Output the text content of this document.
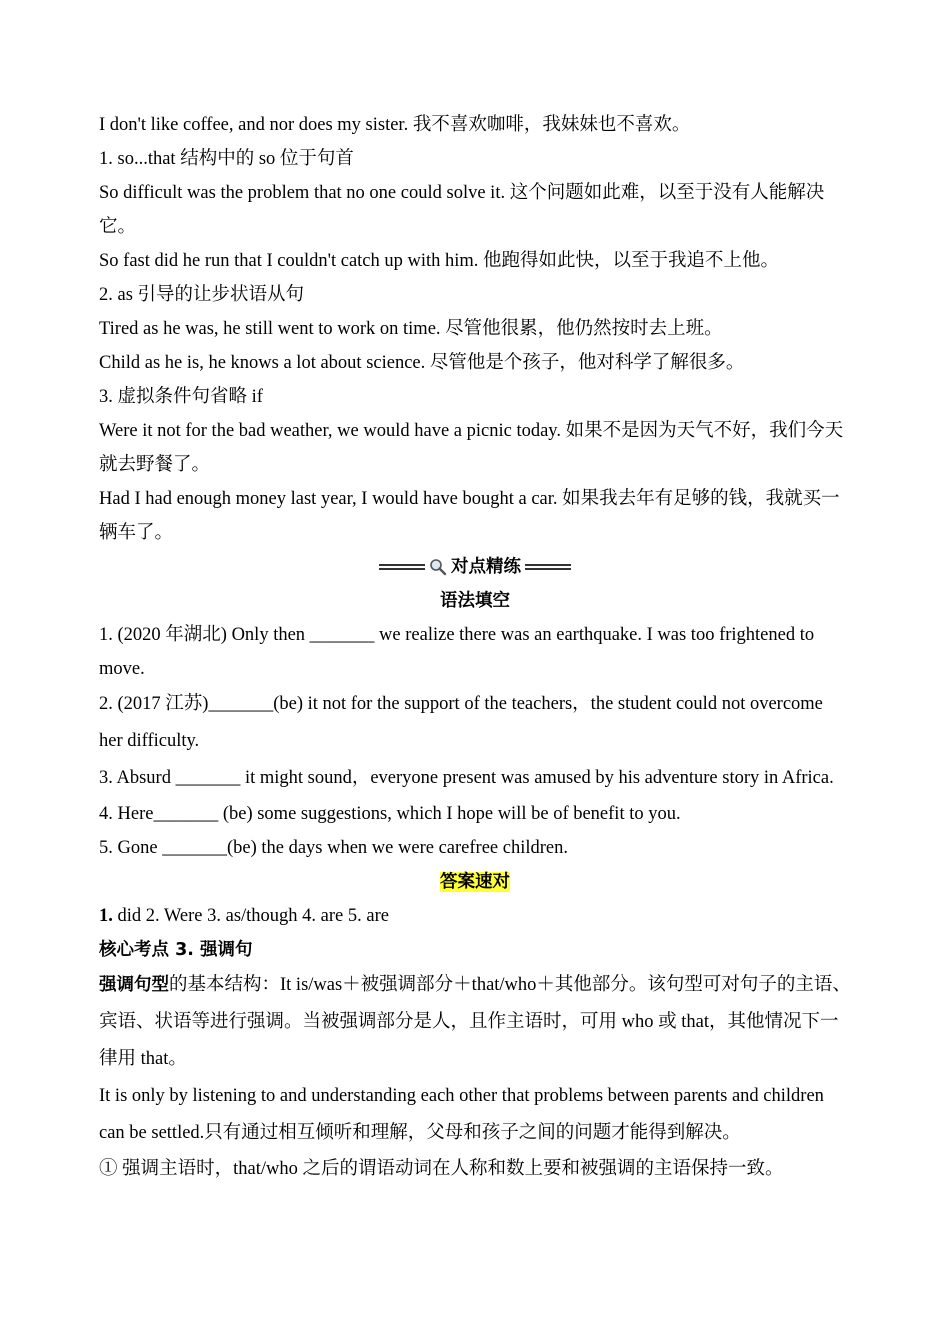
I don't like coffee, and nor does my sister. 我不喜欢咖啡，我妹妹也不喜欢。

1. so...that 结构中的 so 位于句首

So difficult was the problem that no one could solve it. 这个问题如此难，以至于没有人能解决它。

So fast did he run that I couldn't catch up with him. 他跑得如此快，以至于我追不上他。

2. as 引导的让步状语从句

Tired as he was, he still went to work on time. 尽管他很累，他仍然按时去上班。

Child as he is, he knows a lot about science. 尽管他是个孩子，他对科学了解很多。

3. 虚拟条件句省略 if

Were it not for the bad weather, we would have a picnic today. 如果不是因为天气不好，我们今天就去野餐了。

Had I had enough money last year, I would have bought a car. 如果我去年有足够的钱，我就买一辆车了。

对点精练

语法填空

1. (2020 年湖北) Only then _______ we realize there was an earthquake. I was too frightened to move.

2. (2017 江苏)_______(be) it not for the support of the teachers，the student could not overcome her difficulty.

3. Absurd _______ it might sound，everyone present was amused by his adventure story in Africa.

4. Here_______ (be) some suggestions, which I hope will be of benefit to you.

5. Gone _______(be) the days when we were carefree children.

答案速对

1. did 2. Were 3. as/though 4. are 5. are

核心考点 3. 强调句

强调句型的基本结构：It is/was＋被强调部分＋that/who＋其他部分。该句型可对句子的主语、宾语、状语等进行强调。当被强调部分是人，且作主语时，可用 who 或 that，其他情况下一律用 that。

It is only by listening to and understanding each other that problems between parents and children can be settled.只有通过相互倾听和理解，父母和孩子之间的问题才能得到解决。

① 强调主语时，that/who 之后的谓语动词在人称和数上要和被强调的主语保持一致。
